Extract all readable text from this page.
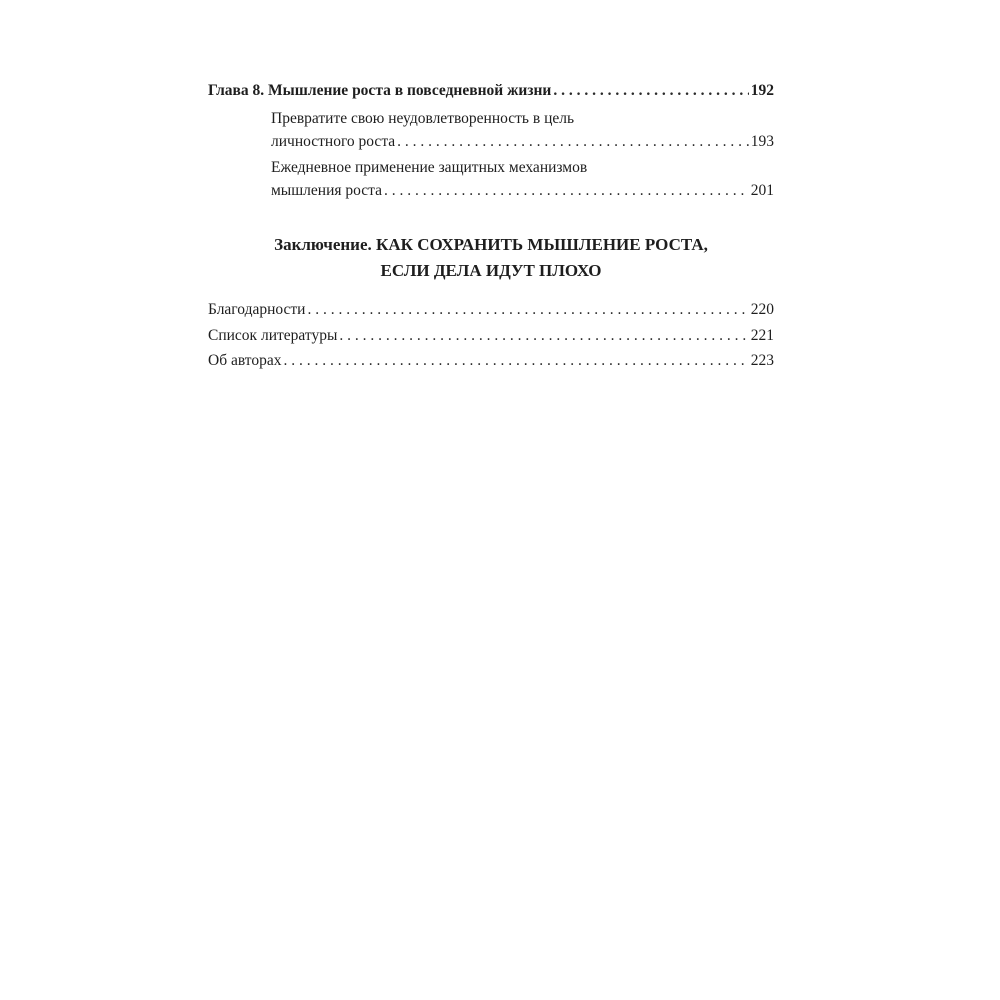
Глава 8. Мышление роста в повседневной жизни . . .	192
Превратите свою неудовлетворенность в цель
личностного роста . . .	193
Ежедневное применение защитных механизмов
мышления роста . . .	201
Заключение. КАК СОХРАНИТЬ МЫШЛЕНИЕ РОСТА,
ЕСЛИ ДЕЛА ИДУТ ПЛОХО
Благодарности . . .	220
Список литературы . . .	221
Об авторах . . .	223
